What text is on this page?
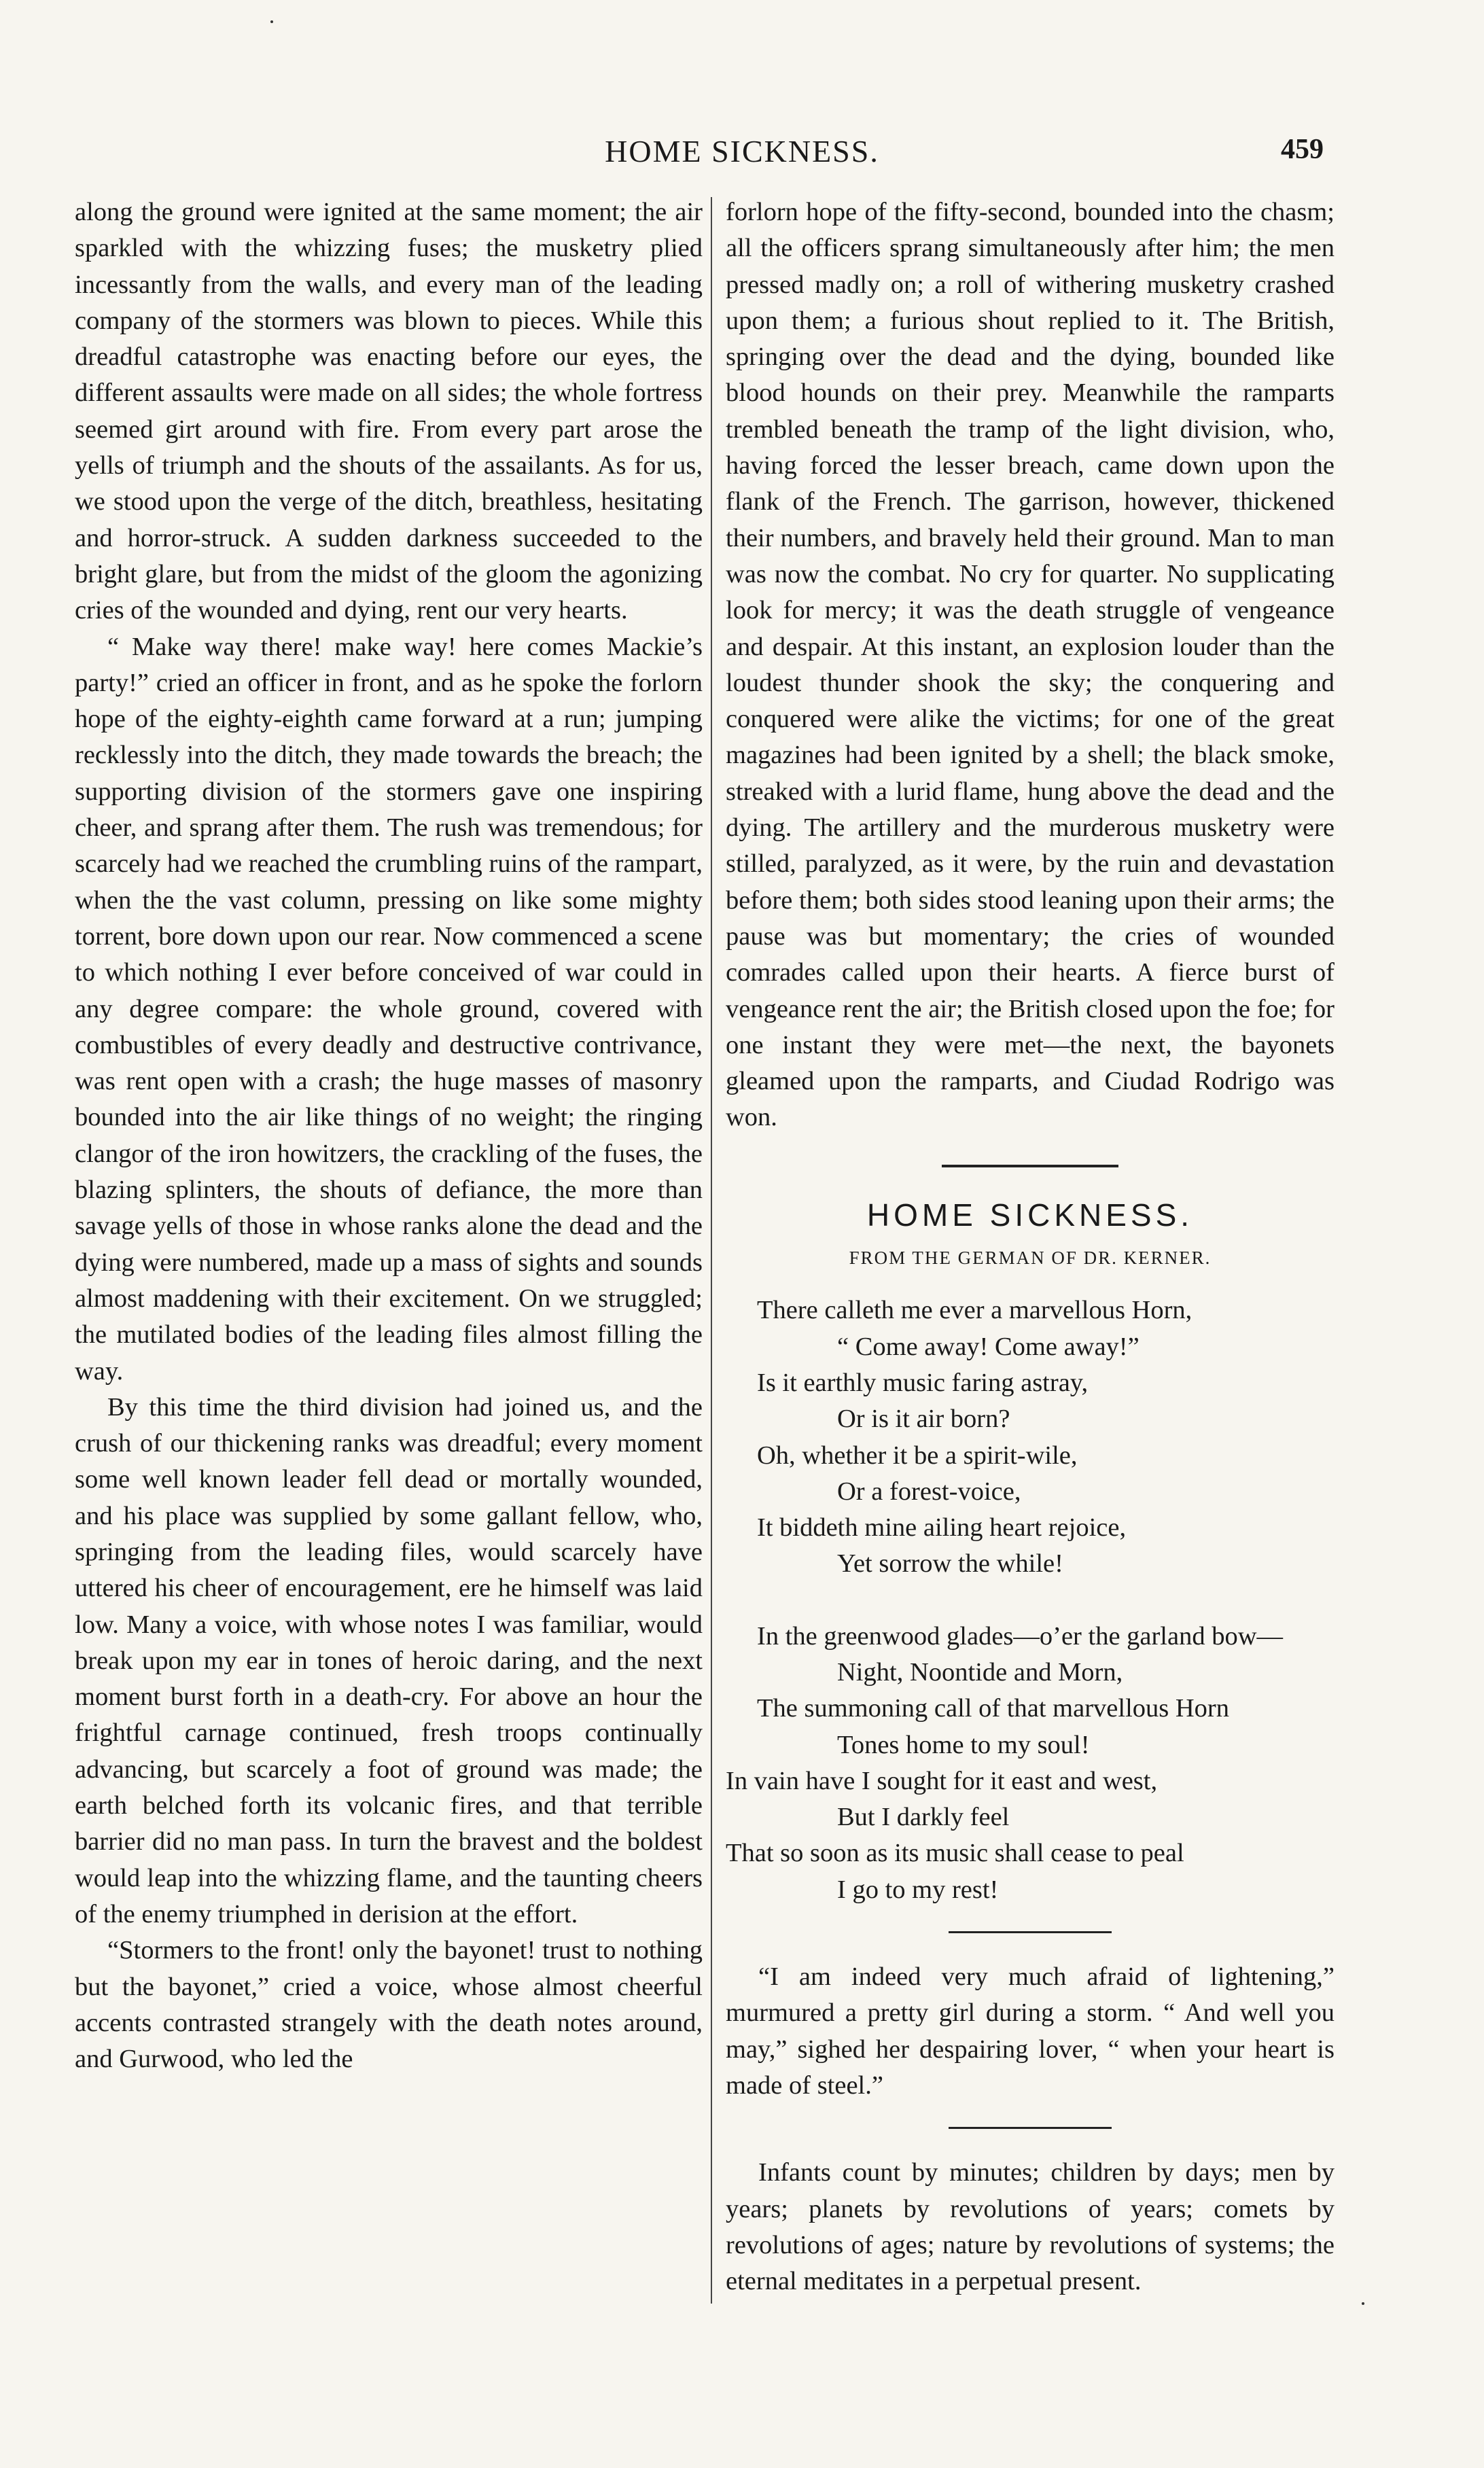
HOME SICKNESS.	459

along the ground were ignited at the same moment; the air sparkled with the whizzing fuses; the musketry plied incessantly from the walls, and every man of the leading company of the stormers was blown to pieces. While this dreadful catastrophe was enacting before our eyes, the different assaults were made on all sides; the whole fortress seemed girt around with fire. From every part arose the yells of triumph and the shouts of the assailants. As for us, we stood upon the verge of the ditch, breathless, hesitating and horror-struck. A sudden darkness succeeded to the bright glare, but from the midst of the gloom the agonizing cries of the wounded and dying, rent our very hearts.

“ Make way there! make way! here comes Mackie’s party!” cried an officer in front, and as he spoke the forlorn hope of the eighty-eighth came forward at a run; jumping recklessly into the ditch, they made towards the breach; the supporting division of the stormers gave one inspiring cheer, and sprang after them. The rush was tremendous; for scarcely had we reached the crumbling ruins of the rampart, when the the vast column, pressing on like some mighty torrent, bore down upon our rear. Now commenced a scene to which nothing I ever before conceived of war could in any degree compare: the whole ground, covered with combustibles of every deadly and destructive contrivance, was rent open with a crash; the huge masses of masonry bounded into the air like things of no weight; the ringing clangor of the iron howitzers, the crackling of the fuses, the blazing splinters, the shouts of defiance, the more than savage yells of those in whose ranks alone the dead and the dying were numbered, made up a mass of sights and sounds almost maddening with their excitement. On we struggled; the mutilated bodies of the leading files almost filling the way.

By this time the third division had joined us, and the crush of our thickening ranks was dreadful; every moment some well known leader fell dead or mortally wounded, and his place was supplied by some gallant fellow, who, springing from the leading files, would scarcely have uttered his cheer of encouragement, ere he himself was laid low. Many a voice, with whose notes I was familiar, would break upon my ear in tones of heroic daring, and the next moment burst forth in a death-cry. For above an hour the frightful carnage continued, fresh troops continually advancing, but scarcely a foot of ground was made; the earth belched forth its volcanic fires, and that terrible barrier did no man pass. In turn the bravest and the boldest would leap into the whizzing flame, and the taunting cheers of the enemy triumphed in derision at the effort.

“Stormers to the front! only the bayonet! trust to nothing but the bayonet,” cried a voice, whose almost cheerful accents contrasted strangely with the death notes around, and Gurwood, who led the

forlorn hope of the fifty-second, bounded into the chasm; all the officers sprang simultaneously after him; the men pressed madly on; a roll of withering musketry crashed upon them; a furious shout replied to it. The British, springing over the dead and the dying, bounded like blood hounds on their prey. Meanwhile the ramparts trembled beneath the tramp of the light division, who, having forced the lesser breach, came down upon the flank of the French. The garrison, however, thickened their numbers, and bravely held their ground. Man to man was now the combat. No cry for quarter. No supplicating look for mercy; it was the death struggle of vengeance and despair. At this instant, an explosion louder than the loudest thunder shook the sky; the conquering and conquered were alike the victims; for one of the great magazines had been ignited by a shell; the black smoke, streaked with a lurid flame, hung above the dead and the dying. The artillery and the murderous musketry were stilled, paralyzed, as it were, by the ruin and devastation before them; both sides stood leaning upon their arms; the pause was but momentary; the cries of wounded comrades called upon their hearts. A fierce burst of vengeance rent the air; the British closed upon the foe; for one instant they were met—the next, the bayonets gleamed upon the ramparts, and Ciudad Rodrigo was won.

HOME SICKNESS.
FROM THE GERMAN OF DR. KERNER.
There calleth me ever a marvellous Horn,
“ Come away! Come away!”
Is it earthly music faring astray,
Or is it air born?
Oh, whether it be a spirit-wile,
Or a forest-voice,
It biddeth mine ailing heart rejoice,
Yet sorrow the while!
In the greenwood glades—o’er the garland bow—
Night, Noontide and Morn,
The summoning call of that marvellous Horn
Tones home to my soul!
In vain have I sought for it east and west,
But I darkly feel
That so soon as its music shall cease to peal
I go to my rest!

“I am indeed very much afraid of lightening,” murmured a pretty girl during a storm. “ And well you may,” sighed her despairing lover, “ when your heart is made of steel.”

Infants count by minutes; children by days; men by years; planets by revolutions of years; comets by revolutions of ages; nature by revolutions of systems; the eternal meditates in a perpetual present.
